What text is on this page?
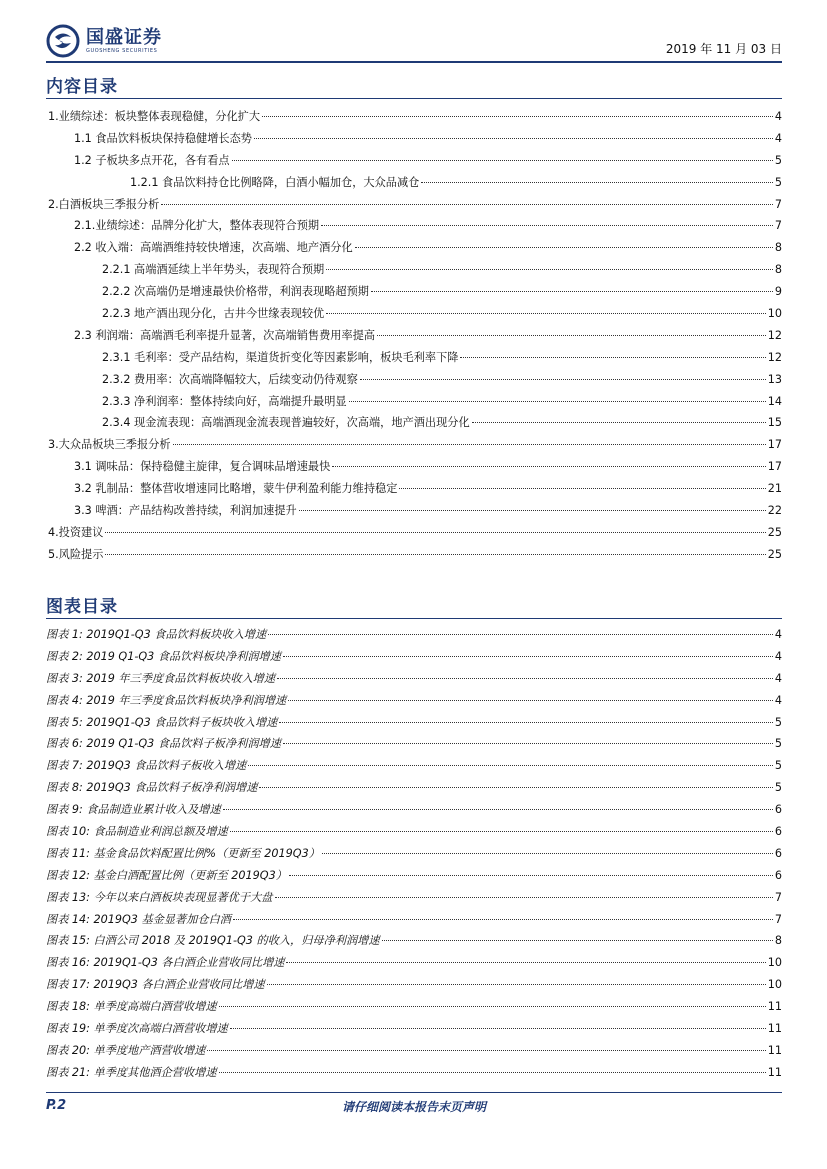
国盛证券
GUOSHENG SECURITIES	2019 年 11 月 03 日
内容目录
1.业绩综述：板块整体表现稳健，分化扩大	4
1.1 食品饮料板块保持稳健增长态势	4
1.2 子板块多点开花，各有看点	5
1.2.1 食品饮料持仓比例略降，白酒小幅加仓，大众品减仓	5
2.白酒板块三季报分析	7
2.1.业绩综述：品牌分化扩大，整体表现符合预期	7
2.2 收入端：高端酒维持较快增速，次高端、地产酒分化	8
2.2.1 高端酒延续上半年势头，表现符合预期	8
2.2.2 次高端仍是增速最快价格带，利润表现略超预期	9
2.2.3 地产酒出现分化，古井今世缘表现较优	10
2.3 利润端：高端酒毛利率提升显著，次高端销售费用率提高	12
2.3.1 毛利率：受产品结构，渠道货折变化等因素影响，板块毛利率下降	12
2.3.2 费用率：次高端降幅较大，后续变动仍待观察	13
2.3.3 净利润率：整体持续向好，高端提升最明显	14
2.3.4 现金流表现：高端酒现金流表现普遍较好，次高端，地产酒出现分化	15
3.大众品板块三季报分析	17
3.1 调味品：保持稳健主旋律，复合调味品增速最快	17
3.2 乳制品：整体营收增速同比略增，蒙牛伊利盈利能力维持稳定	21
3.3 啤酒：产品结构改善持续，利润加速提升	22
4.投资建议	25
5.风险提示	25
图表目录
图表 1: 2019Q1-Q3 食品饮料板块收入增速	4
图表 2: 2019 Q1-Q3 食品饮料板块净利润增速	4
图表 3: 2019 年三季度食品饮料板块收入增速	4
图表 4: 2019 年三季度食品饮料板块净利润增速	4
图表 5: 2019Q1-Q3 食品饮料子板块收入增速	5
图表 6: 2019 Q1-Q3 食品饮料子板净利润增速	5
图表 7: 2019Q3 食品饮料子板收入增速	5
图表 8: 2019Q3 食品饮料子板净利润增速	5
图表 9: 食品制造业累计收入及增速	6
图表 10: 食品制造业利润总额及增速	6
图表 11: 基金食品饮料配置比例%（更新至 2019Q3）	6
图表 12: 基金白酒配置比例（更新至 2019Q3）	6
图表 13: 今年以来白酒板块表现显著优于大盘	7
图表 14: 2019Q3 基金显著加仓白酒	7
图表 15: 白酒公司 2018 及 2019Q1-Q3 的收入，归母净利润增速	8
图表 16: 2019Q1-Q3 各白酒企业营收同比增速	10
图表 17: 2019Q3 各白酒企业营收同比增速	10
图表 18: 单季度高端白酒营收增速	11
图表 19: 单季度次高端白酒营收增速	11
图表 20: 单季度地产酒营收增速	11
图表 21: 单季度其他酒企营收增速	11
P.2	请仔细阅读本报告末页声明
